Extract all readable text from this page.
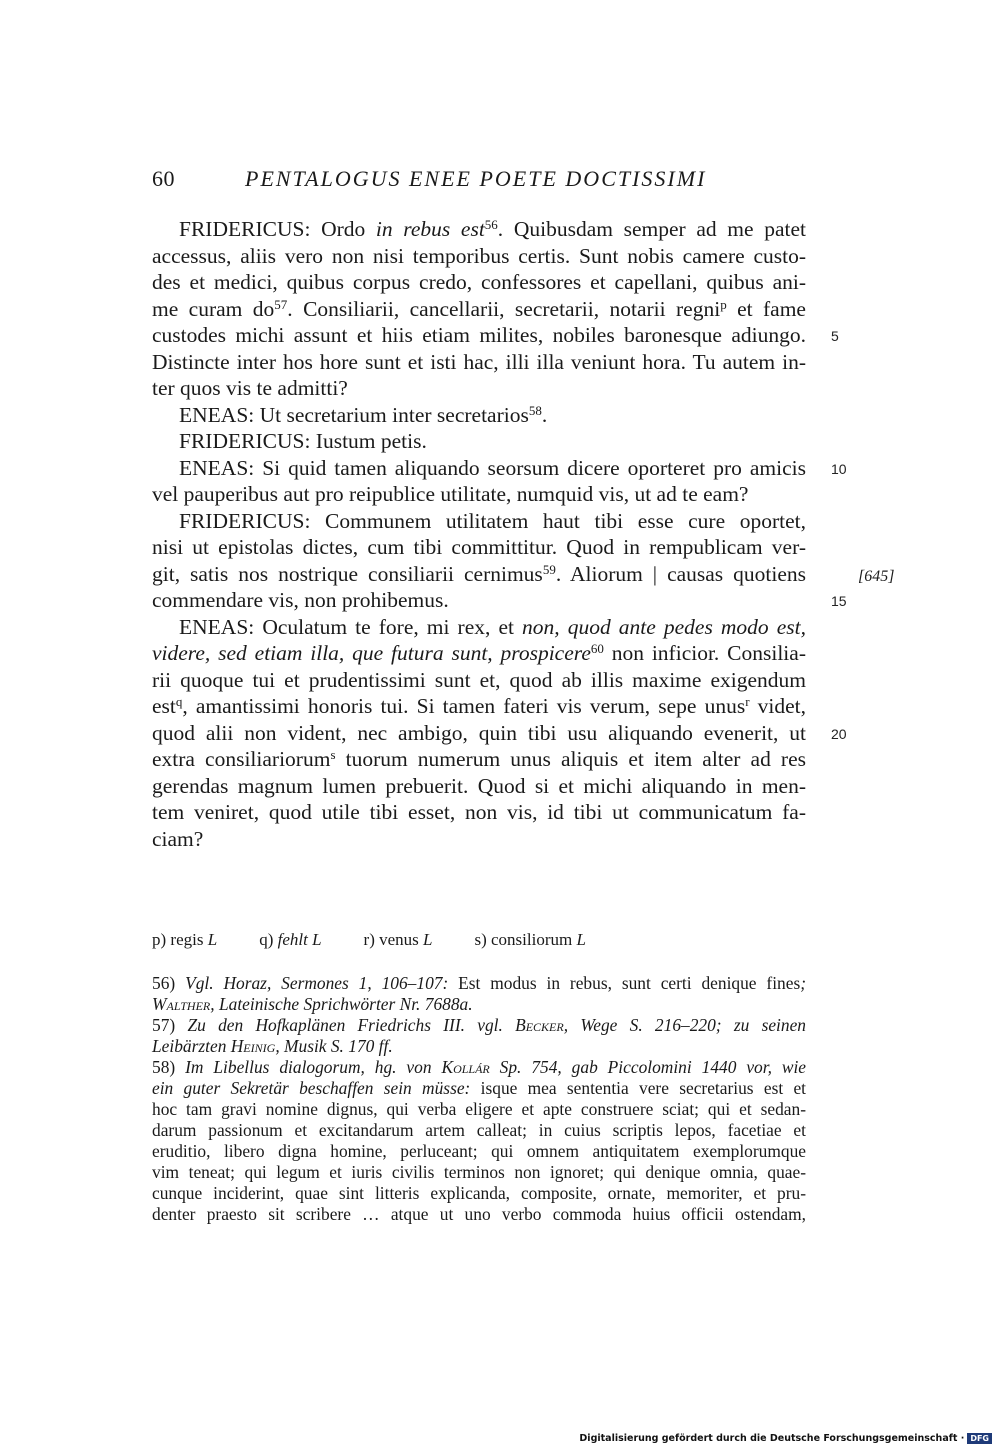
60	PENTALOGUS ENEE POETE DOCTISSIMI
FRIDERICUS: Ordo in rebus est$^{56}$. Quibusdam semper ad me patet
accessus, aliis vero non nisi temporibus certis. Sunt nobis camere custo-
des et medici, quibus corpus credo, confessores et capellani, quibus ani-
me curam $do^{57}$. Consiliarii, cancellarii, secretarii, notarii regni$^p$ et fame
custodes michi assunt et hiis etiam milites, nobiles baronesque adiungo.
Distincte inter hos hore sunt et isti hac, illi illa veniunt hora. Tu autem in-
ter quos vis te admitti?
ENEAS: Ut secretarium inter secretarios$^{58}$.
FRIDERICUS: Iustum petis.
ENEAS: Si quid tamen aliquando seorsum dicere oporteret pro amicis
vel pauperibus aut pro reipublice utilitate, numquid vis, ut ad te eam?
FRIDERICUS: Communem utilitatem haut tibi esse cure oportet,
nisi ut epistolas dictes, cum tibi committitur. Quod in rempublicam ver-
git, satis nos nostrique consiliarii cernimus$^{59}$. Aliorum | causas quotiens
commendare vis, non prohibemus.
ENEAS: Oculatum te fore, mi rex, et non, quod ante pedes modo est,
videre, sed etiam illa, que futura sunt, prospicere$^{60}$ non inficior. Consilia-
rii quoque tui et prudentissimi sunt et, quod ab illis maxime exigendum
est$^q$, amantissimi honoris tui. Si tamen fateri vis verum, sepe unus$^r$ videt,
quod alii non vident, nec ambigo, quin tibi usu aliquando evenerit, ut
extra consiliariorum$^s$ tuorum numerum unus aliquis et item alter ad res
gerendas magnum lumen prebuerit. Quod si et michi aliquando in men-
tem veniret, quod utile tibi esset, non vis, id tibi ut communicatum fa-
ciam?
5
10
15
20
[645]
p) regis L q) fehlt L r) venus L s) consiliorum L
56) Vgl. Horaz, Sermones 1, 106–107: Est modus in rebus, sunt certi denique fines;
Walther, Lateinische Sprichwörter Nr. 7688a.
57) Zu den Hofkaplänen Friedrichs III. vgl. Becker, Wege S. 216–220; zu seinen
Leibärzten Heinig, Musik S. 170 ff.
58) Im Libellus dialogorum, hg. von Kollár Sp. 754, gab Piccolomini 1440 vor, wie
ein guter Sekretär beschaffen sein müsse: isque mea sententia vere secretarius est et
hoc tam gravi nomine dignus, qui verba eligere et apte construere sciat; qui et sedan-
darum passionum et excitandarum artem calleat; in cuius scriptis lepos, facetiae et
eruditio, libero digna homine, perluceant; qui omnem antiquitatem exemplorumque
vim teneat; qui legum et iuris civilis terminos non ignoret; qui denique omnia, quae-
cunque inciderint, quae sint litteris explicanda, composite, ornate, memoriter, et pru-
denter praesto sit scribere … atque ut uno verbo commoda huius officii ostendam,
Digitalisierung gefördert durch die Deutsche Forschungsgemeinschaft · DFG
